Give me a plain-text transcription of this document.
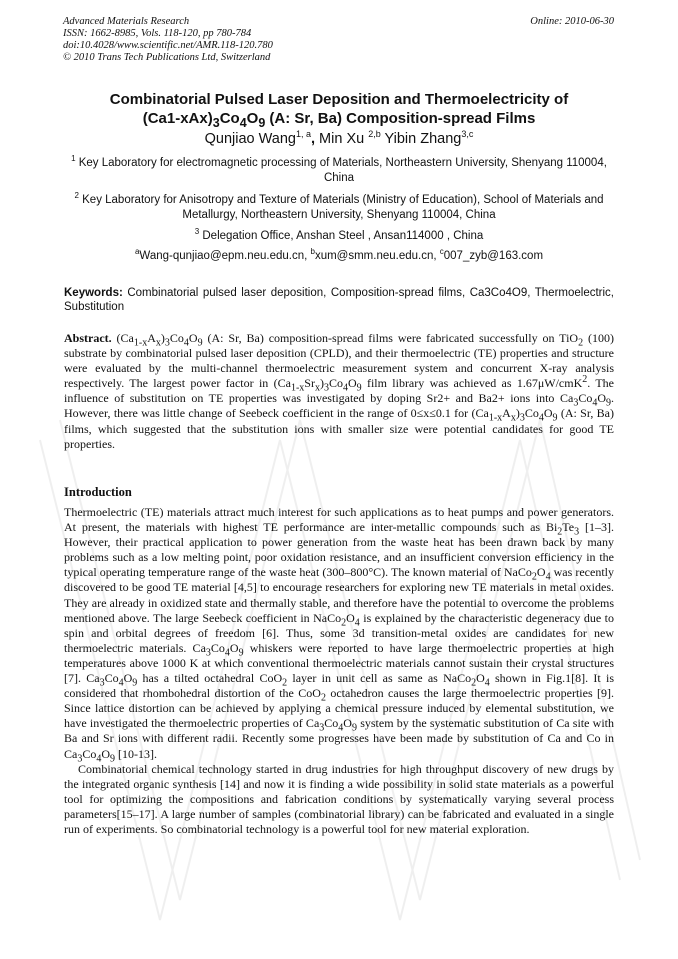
Advanced Materials Research
ISSN: 1662-8985, Vols. 118-120, pp 780-784
doi:10.4028/www.scientific.net/AMR.118-120.780
© 2010 Trans Tech Publications Ltd, Switzerland
Online: 2010-06-30
Combinatorial Pulsed Laser Deposition and Thermoelectricity of
$(Ca1-xAx)_3Co_4O_9$ (A: Sr, Ba) Composition-spread Films
Qunjiao Wang$^{1, a}$, Min Xu $^{2,b}$ Yibin Zhang$^{3,c}$
$^1$ Key Laboratory for electromagnetic processing of Materials, Northeastern University, Shenyang 110004, China
$^2$ Key Laboratory for Anisotropy and Texture of Materials (Ministry of Education), School of Materials and Metallurgy, Northeastern University, Shenyang 110004, China
$^3$ Delegation Office, Anshan Steel , Ansan114000 , China
$^a$Wang-qunjiao@epm.neu.edu.cn, $^b$xum@smm.neu.edu.cn, $^c$007_zyb@163.com
Keywords: Combinatorial pulsed laser deposition, Composition-spread films, Ca3Co4O9, Thermoelectric, Substitution
Abstract. $(Ca_{1-x}A_x)_3Co_4O_9$ (A: Sr, Ba) composition-spread films were fabricated successfully on TiO$_2$ (100) substrate by combinatorial pulsed laser deposition (CPLD), and their thermoelectric (TE) properties and structure were evaluated by the multi-channel thermoelectric measurement system and concurrent X-ray analysis respectively. The largest power factor in $(Ca_{1-x}Sr_x)_3Co_4O_9$ film library was achieved as 1.67μW/cmK$^2$. The influence of substitution on TE properties was investigated by doping Sr2+ and Ba2+ ions into $Ca_3Co_4O_9$. However, there was little change of Seebeck coefficient in the range of 0≤x≤0.1 for $(Ca_{1-x}A_x)_3Co_4O_9$ (A: Sr, Ba) films, which suggested that the substitution ions with smaller size were potential candidates for good TE properties.
Introduction

Thermoelectric (TE) materials attract much interest for such applications as to heat pumps and power generators. At present, the materials with highest TE performance are inter-metallic compounds such as $Bi_2Te_3$ [1–3]. However, their practical application to power generation from the waste heat has been drawn back by many problems such as a low melting point, poor oxidation resistance, and an insufficient conversion efficiency in the typical operating temperature range of the waste heat (300–800°C). The known material of $NaCo_2O_4$ was recently discovered to be good TE material [4,5] to encourage researchers for exploring new TE materials in metal oxides. They are already in oxidized state and thermally stable, and therefore have the potential to overcome the problems mentioned above. The large Seebeck coefficient in $NaCo_2O_4$ is explained by the characteristic degeneracy due to spin and orbital degrees of freedom [6]. Thus, some 3d transition-metal oxides are candidates for new thermoelectric materials. $Ca_3Co_4O_9$ whiskers were reported to have large thermoelectric properties at high temperatures above 1000 K at which conventional thermoelectric materials cannot sustain their crystal structures [7]. $Ca_3Co_4O_9$ has a tilted octahedral CoO$_2$ layer in unit cell as same as $NaCo_2O_4$ shown in Fig.1[8]. It is considered that rhombohedral distortion of the CoO$_2$ octahedron causes the large thermoelectric properties [9]. Since lattice distortion can be achieved by applying a chemical pressure induced by elemental substitution, we have investigated the thermoelectric properties of $Ca_3Co_4O_9$ system by the systematic substitution of Ca site with Ba and Sr ions with different radii. Recently some progresses have been made by substitution of Ca and Co in $Ca_3Co_4O_9$ [10-13].

Combinatorial chemical technology started in drug industries for high throughput discovery of new drugs by the integrated organic synthesis [14] and now it is finding a wide possibility in solid state materials as a powerful tool for optimizing the compositions and fabrication conditions by systematically varying several process parameters[15–17]. A large number of samples (combinatorial library) can be fabricated and evaluated in a single run of experiments. So combinatorial technology is a powerful tool for new material exploration.
